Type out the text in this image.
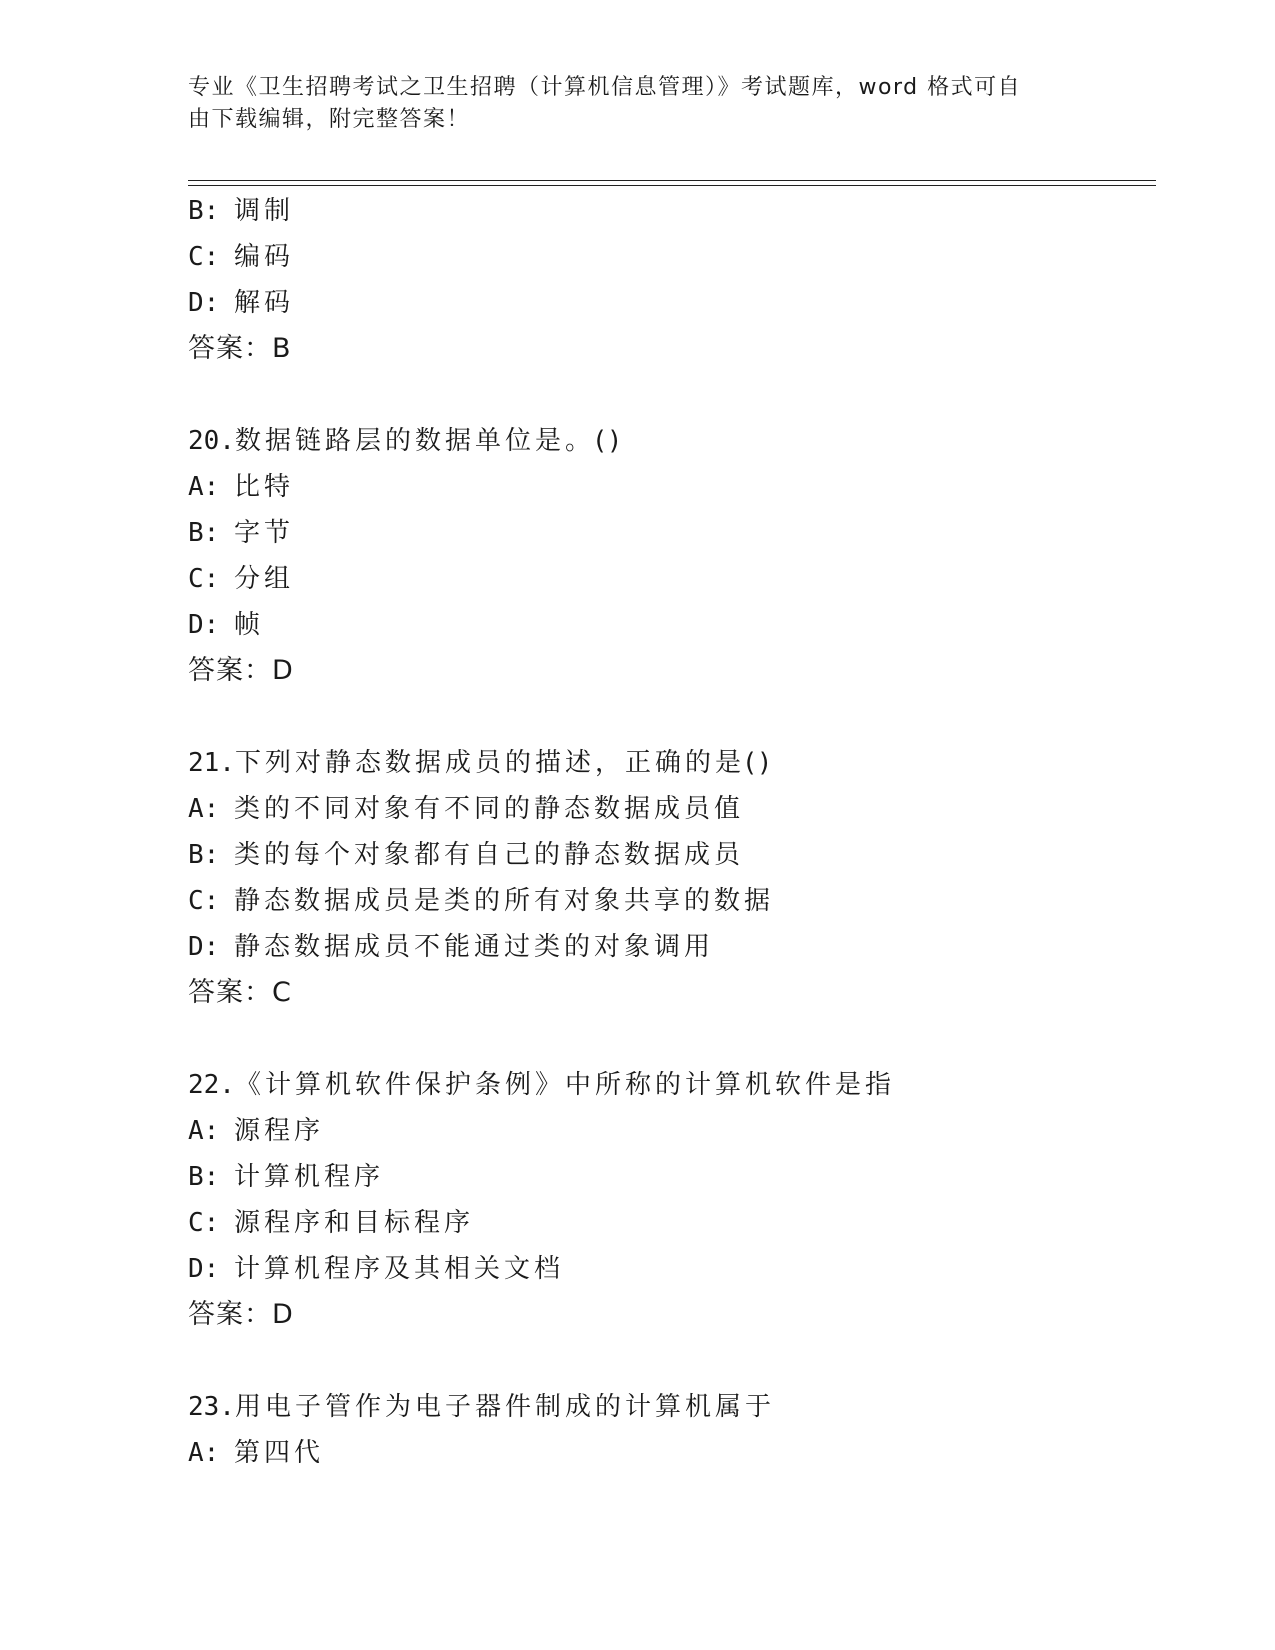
专业《卫生招聘考试之卫生招聘（计算机信息管理）》考试题库，word 格式可自
由下载编辑，附完整答案！
B: 调制
C: 编码
D: 解码
答案：B
20.数据链路层的数据单位是。()
A: 比特
B: 字节
C: 分组
D: 帧
答案：D
21.下列对静态数据成员的描述，正确的是()
A: 类的不同对象有不同的静态数据成员值
B: 类的每个对象都有自己的静态数据成员
C: 静态数据成员是类的所有对象共享的数据
D: 静态数据成员不能通过类的对象调用
答案：C
22.《计算机软件保护条例》中所称的计算机软件是指
A: 源程序
B: 计算机程序
C: 源程序和目标程序
D: 计算机程序及其相关文档
答案：D
23.用电子管作为电子器件制成的计算机属于
A: 第四代
